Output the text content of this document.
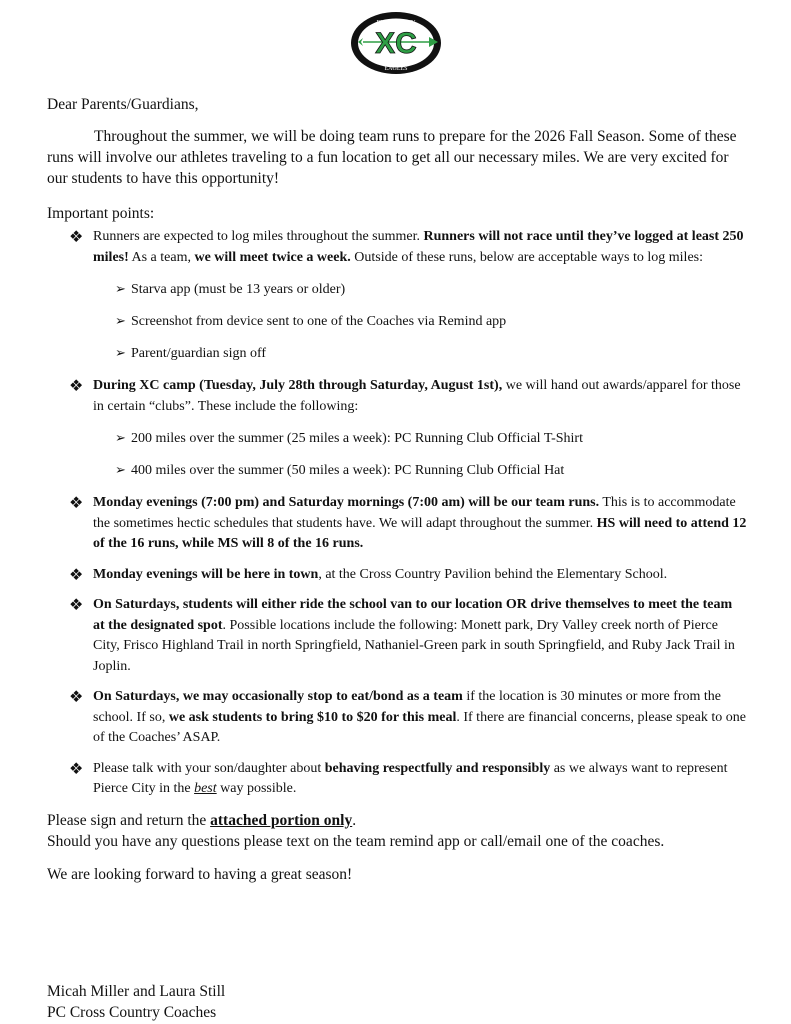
PIERCE CITY
EAGLES
XC

Dear Parents/Guardians,

Throughout the summer, we will be doing team runs to prepare for the 2026 Fall Season. Some of these runs will involve our athletes traveling to a fun location to get all our necessary miles. We are very excited for our students to have this opportunity!

Important points:

❖ Runners are expected to log miles throughout the summer. Runners will not race until they’ve logged at least 250 miles! As a team, we will meet twice a week. Outside of these runs, below are acceptable ways to log miles:
➢ Starva app (must be 13 years or older)
➢ Screenshot from device sent to one of the Coaches via Remind app
➢ Parent/guardian sign off
❖ During XC camp (Tuesday, July 28th through Saturday, August 1st), we will hand out awards/apparel for those in certain “clubs”. These include the following:
➢ 200 miles over the summer (25 miles a week): PC Running Club Official T-Shirt
➢ 400 miles over the summer (50 miles a week): PC Running Club Official Hat
❖ Monday evenings (7:00 pm) and Saturday mornings (7:00 am) will be our team runs. This is to accommodate the sometimes hectic schedules that students have. We will adapt throughout the summer. HS will need to attend 12 of the 16 runs, while MS will 8 of the 16 runs.
❖ Monday evenings will be here in town, at the Cross Country Pavilion behind the Elementary School.
❖ On Saturdays, students will either ride the school van to our location OR drive themselves to meet the team at the designated spot. Possible locations include the following: Monett park, Dry Valley creek north of Pierce City, Frisco Highland Trail in north Springfield, Nathaniel-Green park in south Springfield, and Ruby Jack Trail in Joplin.
❖ On Saturdays, we may occasionally stop to eat/bond as a team if the location is 30 minutes or more from the school. If so, we ask students to bring $10 to $20 for this meal. If there are financial concerns, please speak to one of the Coaches’ ASAP.
❖ Please talk with your son/daughter about behaving respectfully and responsibly as we always want to represent Pierce City in the best way possible.

Please sign and return the attached portion only.

Should you have any questions please text on the team remind app or call/email one of the coaches.

We are looking forward to having a great season!

Micah Miller and Laura Still

PC Cross Country Coaches
